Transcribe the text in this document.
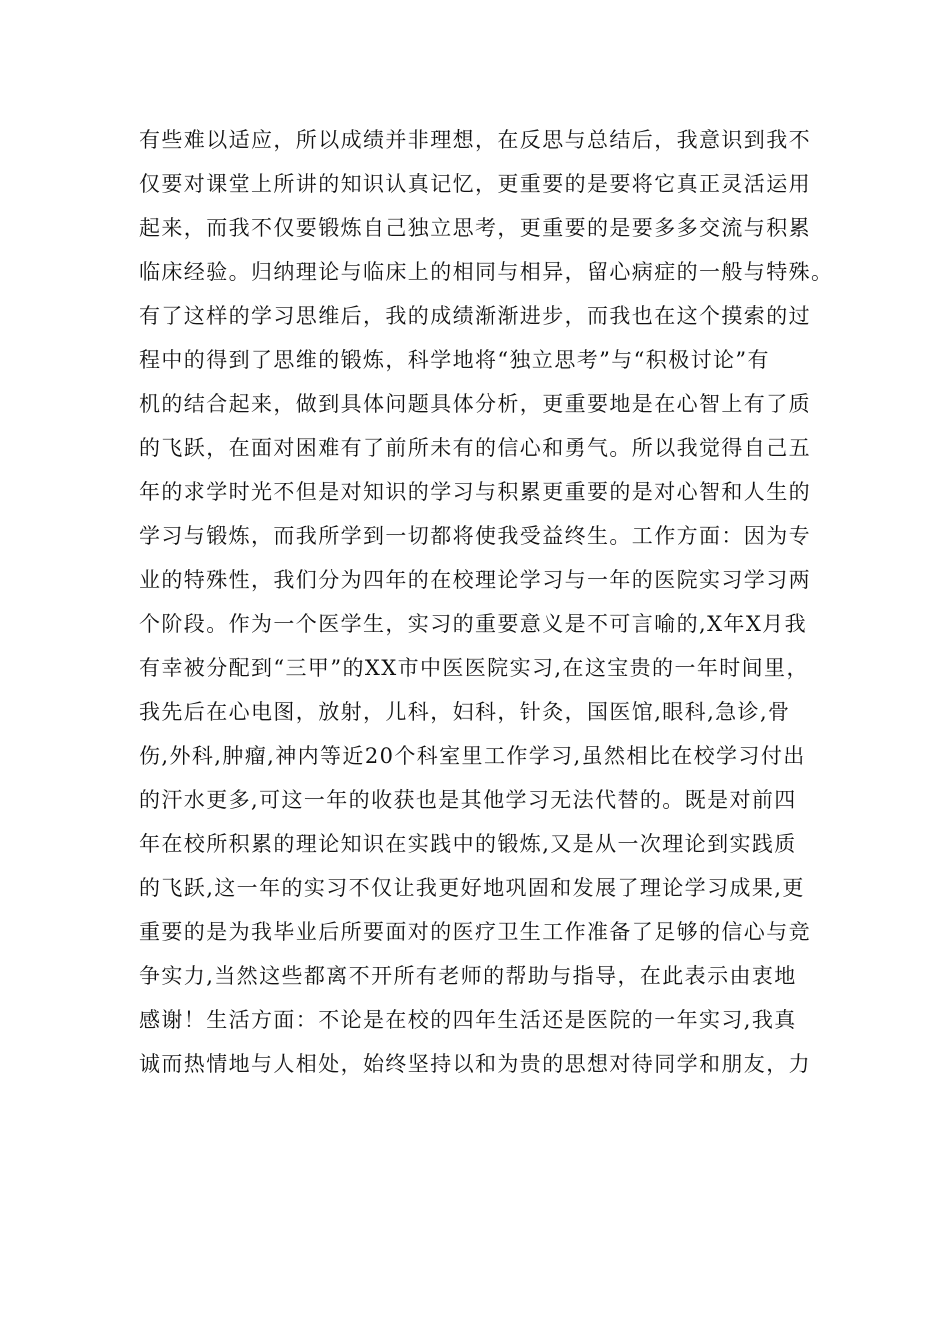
有些难以适应，所以成绩并非理想，在反思与总结后，我意识到我不
仅要对课堂上所讲的知识认真记忆，更重要的是要将它真正灵活运用
起来，而我不仅要锻炼自己独立思考，更重要的是要多多交流与积累
临床经验。归纳理论与临床上的相同与相异，留心病症的一般与特殊。
有了这样的学习思维后，我的成绩渐渐进步，而我也在这个摸索的过
程中的得到了思维的锻炼，科学地将“独立思考”与“积极讨论”有
机的结合起来，做到具体问题具体分析，更重要地是在心智上有了质
的飞跃，在面对困难有了前所未有的信心和勇气。所以我觉得自己五
年的求学时光不但是对知识的学习与积累更重要的是对心智和人生的
学习与锻炼，而我所学到一切都将使我受益终生。工作方面：因为专
业的特殊性，我们分为四年的在校理论学习与一年的医院实习学习两
个阶段。作为一个医学生，实习的重要意义是不可言喻的,X年X月我
有幸被分配到“三甲”的XX市中医医院实习,在这宝贵的一年时间里，
我先后在心电图，放射，儿科，妇科，针灸，国医馆,眼科,急诊,骨
伤,外科,肿瘤,神内等近20个科室里工作学习,虽然相比在校学习付出
的汗水更多,可这一年的收获也是其他学习无法代替的。既是对前四
年在校所积累的理论知识在实践中的锻炼,又是从一次理论到实践质
的飞跃,这一年的实习不仅让我更好地巩固和发展了理论学习成果,更
重要的是为我毕业后所要面对的医疗卫生工作准备了足够的信心与竞
争实力,当然这些都离不开所有老师的帮助与指导，在此表示由衷地
感谢！生活方面：不论是在校的四年生活还是医院的一年实习,我真
诚而热情地与人相处，始终坚持以和为贵的思想对待同学和朋友，力
